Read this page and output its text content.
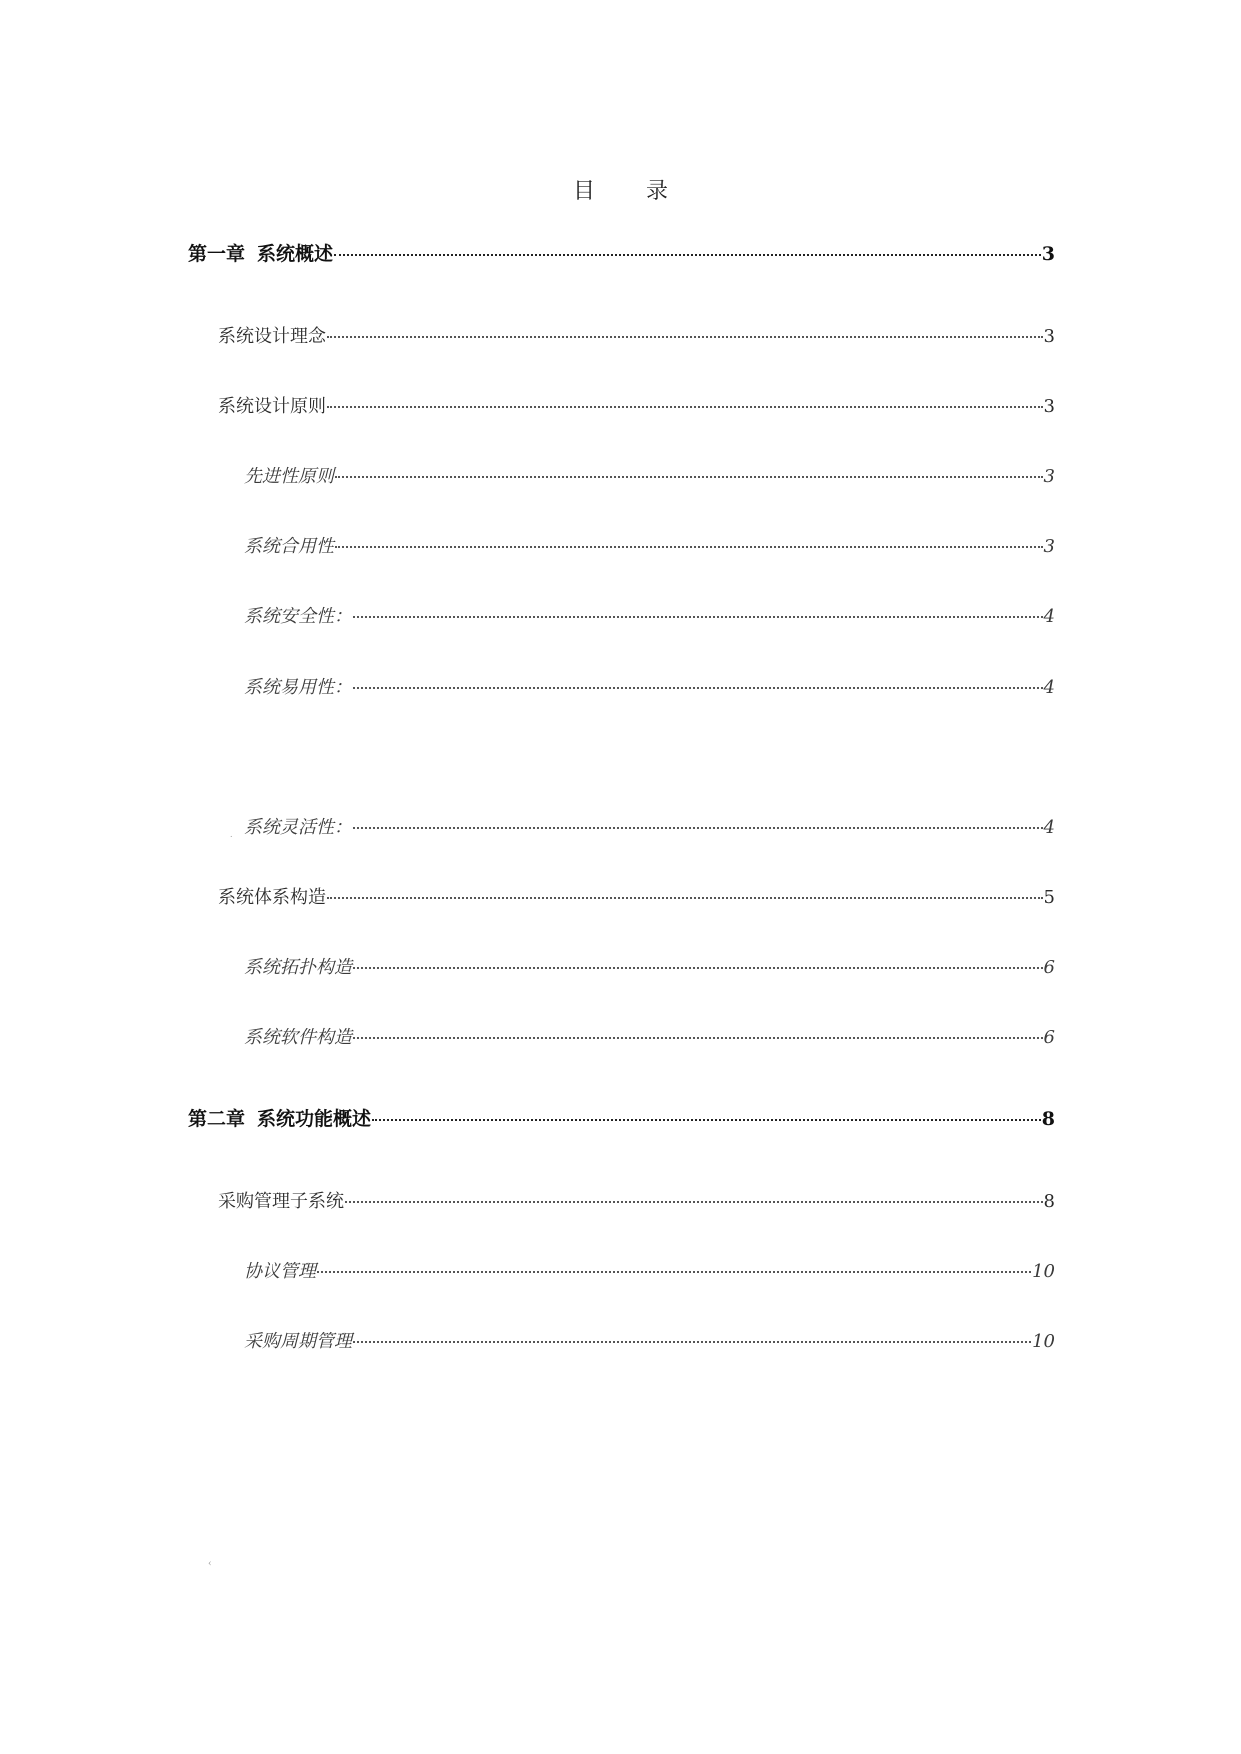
目 录
第一章 系统概述	3
系统设计理念	3
系统设计原则	3
先进性原则	3
系统合用性	3
系统安全性：	4
系统易用性：	4
˙
系统灵活性：	4
系统体系构造	5
系统拓扑构造	6
系统软件构造	6
第二章 系统功能概述	8
采购管理子系统	8
协议管理	10
采购周期管理	10
‹
